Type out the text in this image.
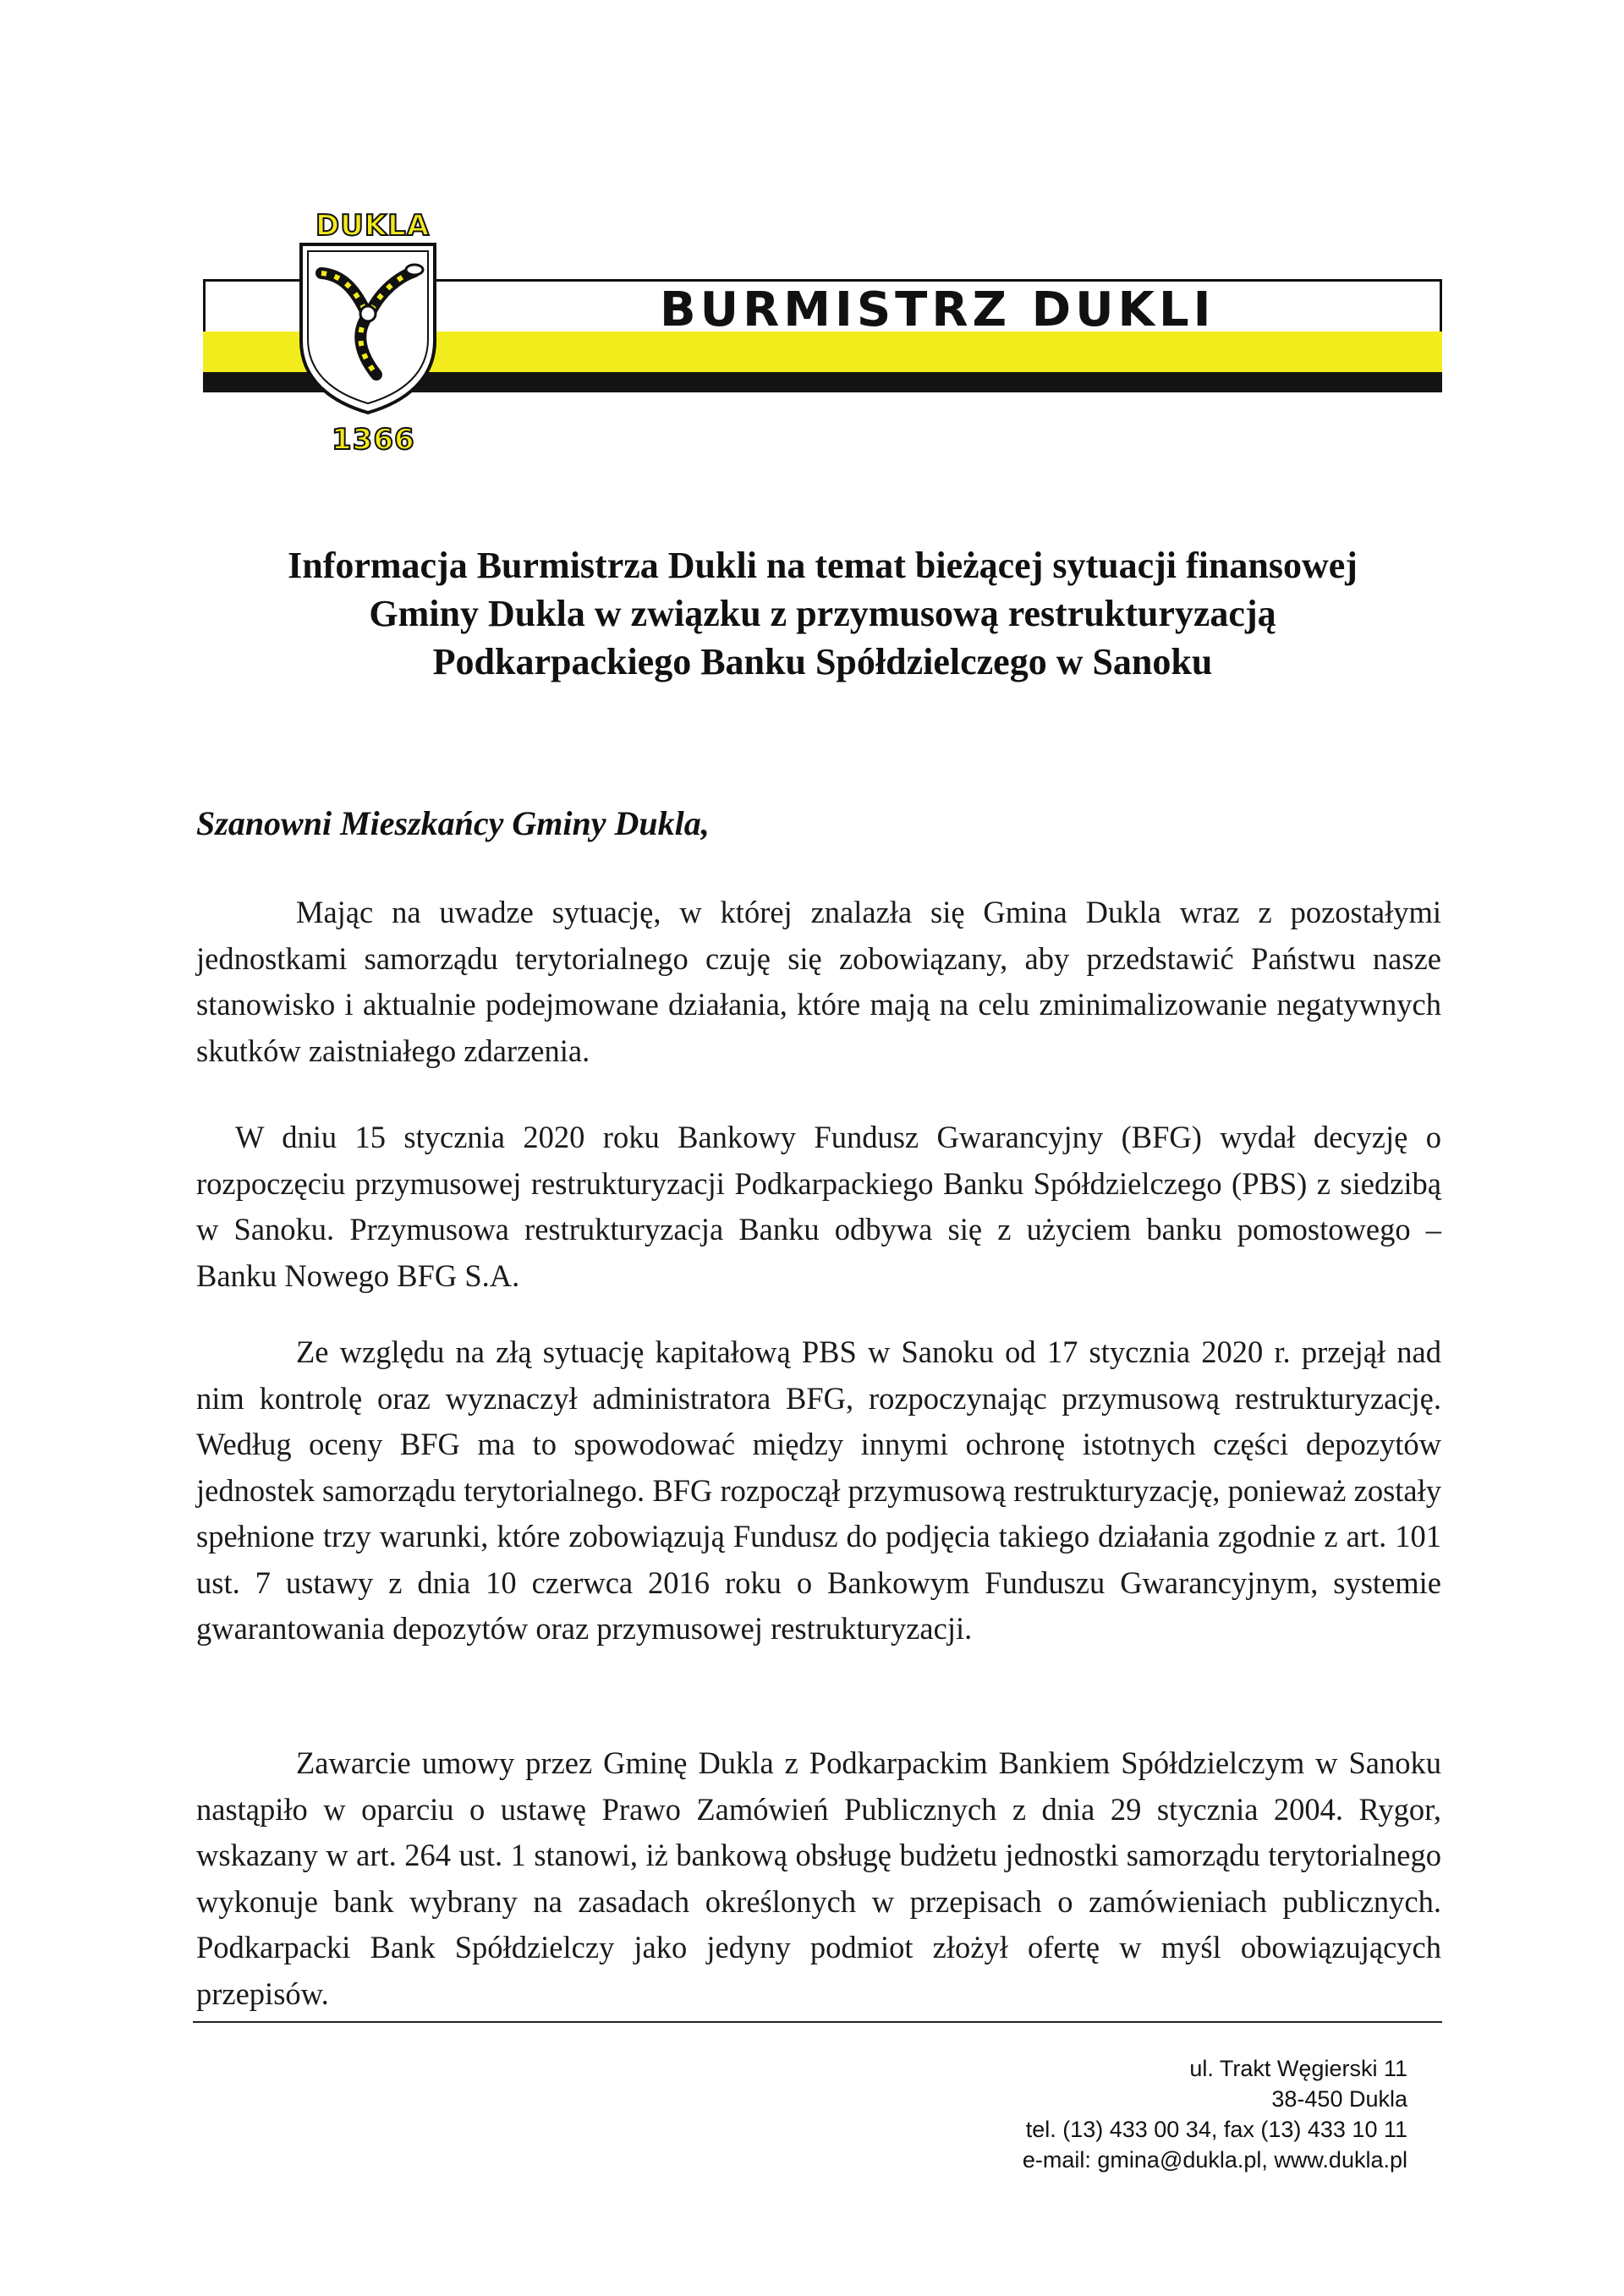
BURMISTRZ DUKLI
DUKLA
1366
Informacja Burmistrza Dukli na temat bieżącej sytuacji finansowej
Gminy Dukla w związku z przymusową restrukturyzacją
Podkarpackiego Banku Spółdzielczego w Sanoku
Szanowni Mieszkańcy Gminy Dukla,

Mając na uwadze sytuację, w której znalazła się Gmina Dukla wraz z pozostałymi jednostkami samorządu terytorialnego czuję się zobowiązany, aby przedstawić Państwu nasze stanowisko i aktualnie podejmowane działania, które mają na celu zminimalizowanie negatywnych skutków zaistniałego zdarzenia.

W dniu 15 stycznia 2020 roku Bankowy Fundusz Gwarancyjny (BFG) wydał decyzję o rozpoczęciu przymusowej restrukturyzacji Podkarpackiego Banku Spółdzielczego (PBS) z siedzibą w Sanoku. Przymusowa restrukturyzacja Banku odbywa się z użyciem banku pomostowego – Banku Nowego BFG S.A.

Ze względu na złą sytuację kapitałową PBS w Sanoku od 17 stycznia 2020 r. przejął nad nim kontrolę oraz wyznaczył administratora BFG, rozpoczynając przymusową restrukturyzację. Według oceny BFG ma to spowodować między innymi ochronę istotnych części depozytów jednostek samorządu terytorialnego. BFG rozpoczął przymusową restrukturyzację, ponieważ zostały spełnione trzy warunki, które zobowiązują Fundusz do podjęcia takiego działania zgodnie z art. 101 ust. 7 ustawy z dnia 10 czerwca 2016 roku o Bankowym Funduszu Gwarancyjnym, systemie gwarantowania depozytów oraz przymusowej restrukturyzacji.

Zawarcie umowy przez Gminę Dukla z Podkarpackim Bankiem Spółdzielczym w Sanoku nastąpiło w oparciu o ustawę Prawo Zamówień Publicznych z dnia 29 stycznia 2004. Rygor, wskazany w art. 264 ust. 1 stanowi, iż bankową obsługę budżetu jednostki samorządu terytorialnego wykonuje bank wybrany na zasadach określonych w przepisach o zamówieniach publicznych. Podkarpacki Bank Spółdzielczy jako jedyny podmiot złożył ofertę w myśl obowiązujących przepisów.

ul. Trakt Węgierski 11
38-450 Dukla
tel. (13) 433 00 34, fax (13) 433 10 11
e-mail: gmina@dukla.pl, www.dukla.pl
